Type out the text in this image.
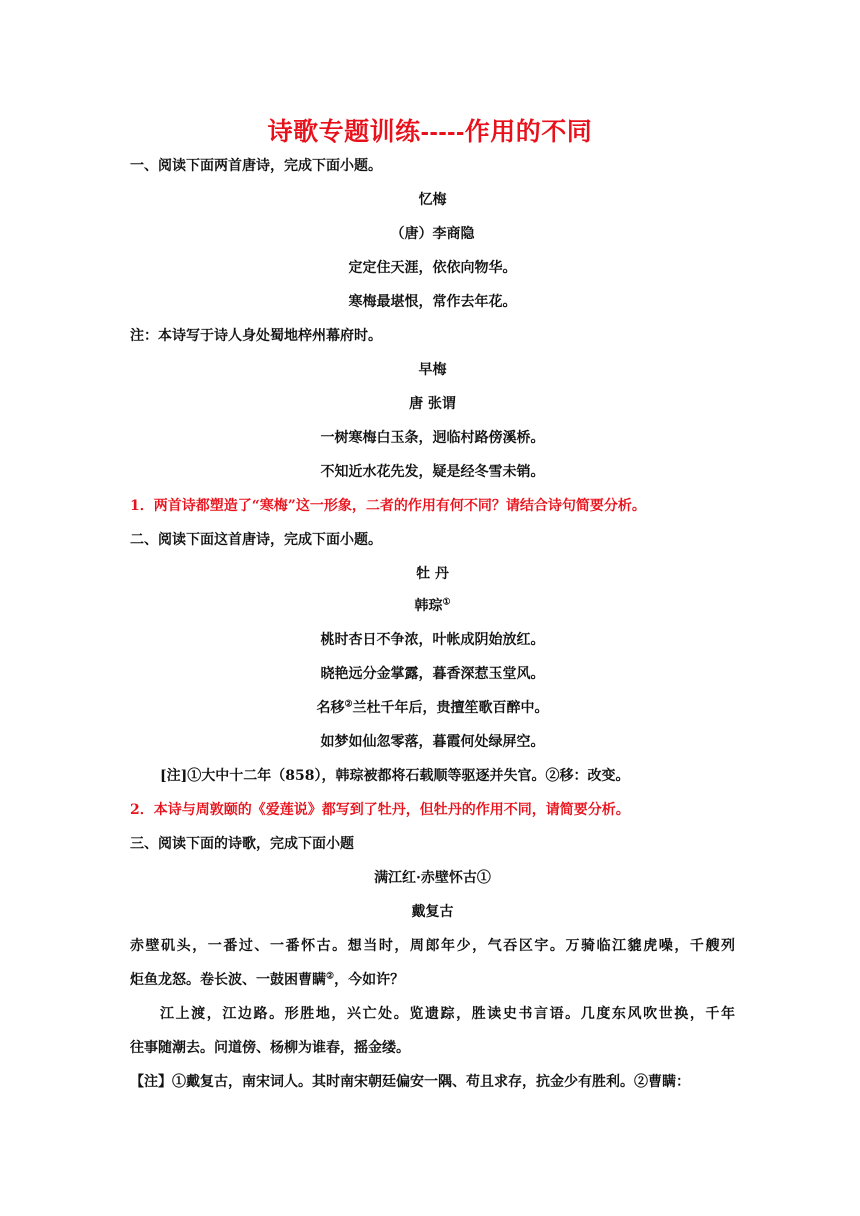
诗歌专题训练-----作用的不同
一、阅读下面两首唐诗，完成下面小题。
忆梅
（唐）李商隐
定定住天涯，依依向物华。
寒梅最堪恨，常作去年花。
注：本诗写于诗人身处蜀地梓州幕府时。
早梅
唐 张谓
一树寒梅白玉条，迥临村路傍溪桥。
不知近水花先发，疑是经冬雪未销。
1．两首诗都塑造了“寒梅”这一形象，二者的作用有何不同？请结合诗句简要分析。
二、阅读下面这首唐诗，完成下面小题。
牡 丹
韩琮①
桃时杏日不争浓，叶帐成阴始放红。
晓艳远分金掌露，暮香深惹玉堂风。
名移②兰杜千年后，贵擅笙歌百醉中。
如梦如仙忽零落，暮霞何处绿屏空。
[注]①大中十二年（858），韩琮被都将石载顺等驱逐并失官。②移：改变。
2．本诗与周敦颐的《爱莲说》都写到了牡丹，但牡丹的作用不同，请简要分析。
三、阅读下面的诗歌，完成下面小题
满江红·赤壁怀古①
戴复古
赤壁矶头，一番过、一番怀古。想当时，周郎年少，气吞区宇。万骑临江貔虎噪，千艘列
炬鱼龙怒。卷长波、一鼓困曹瞒②，今如许？
江上渡，江边路。形胜地，兴亡处。览遗踪，胜读史书言语。几度东风吹世换，千年
往事随潮去。问道傍、杨柳为谁春，摇金缕。
【注】①戴复古，南宋词人。其时南宋朝廷偏安一隅、苟且求存，抗金少有胜利。②曹瞒：
